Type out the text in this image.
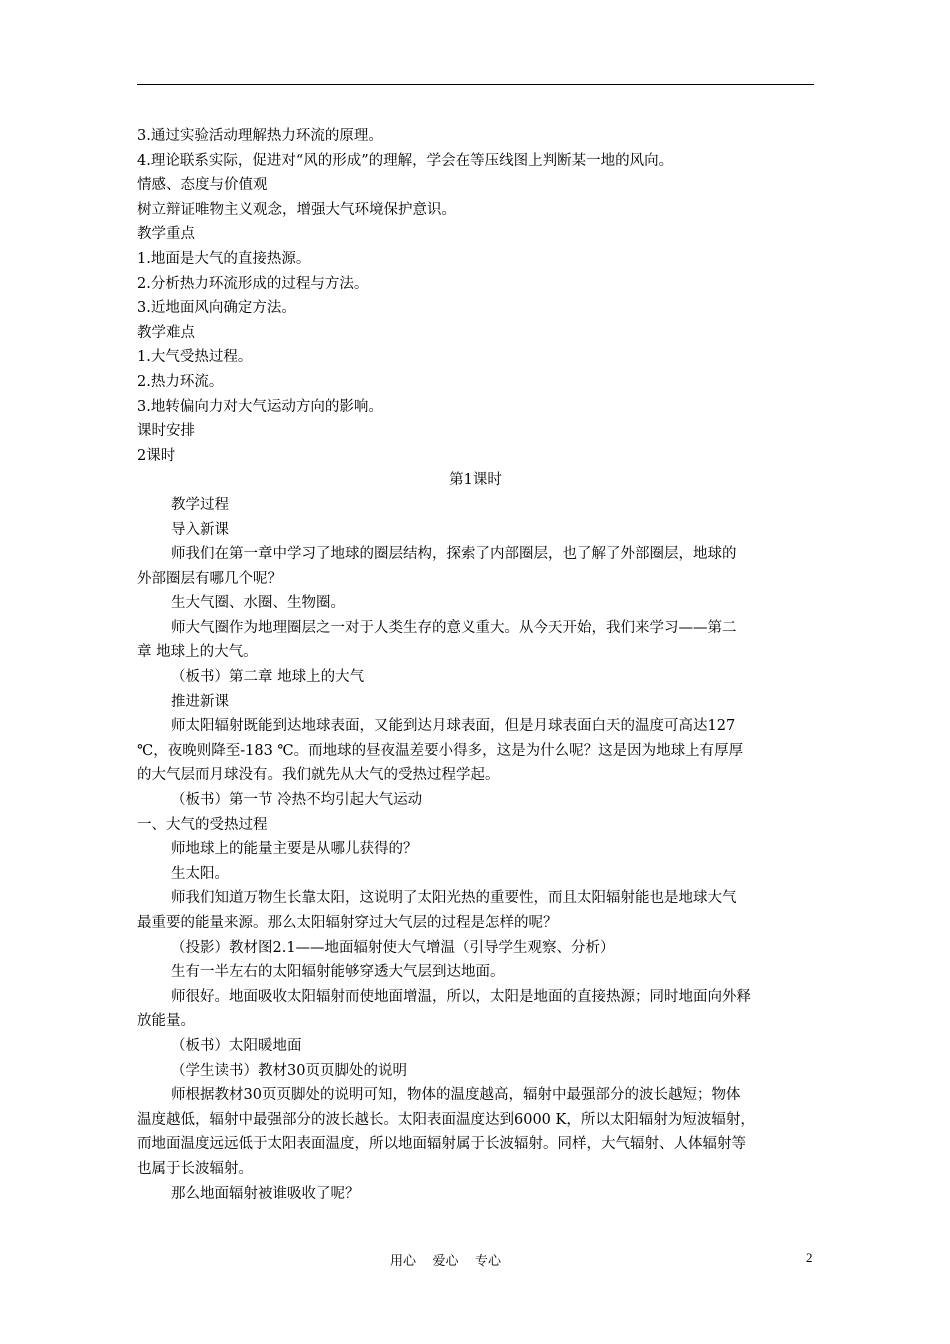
3.通过实验活动理解热力环流的原理。
4.理论联系实际，促进对“风的形成”的理解，学会在等压线图上判断某一地的风向。
情感、态度与价值观
树立辩证唯物主义观念，增强大气环境保护意识。
教学重点
1.地面是大气的直接热源。
2.分析热力环流形成的过程与方法。
3.近地面风向确定方法。
教学难点
1.大气受热过程。
2.热力环流。
3.地转偏向力对大气运动方向的影响。
课时安排
2课时
第1课时
教学过程
导入新课
师我们在第一章中学习了地球的圈层结构，探索了内部圈层，也了解了外部圈层，地球的
外部圈层有哪几个呢？
生大气圈、水圈、生物圈。
师大气圈作为地理圈层之一对于人类生存的意义重大。从今天开始，我们来学习——第二
章 地球上的大气。
（板书）第二章 地球上的大气
推进新课
师太阳辐射既能到达地球表面，又能到达月球表面，但是月球表面白天的温度可高达127
℃，夜晚则降至-183 ℃。而地球的昼夜温差要小得多，这是为什么呢？这是因为地球上有厚厚
的大气层而月球没有。我们就先从大气的受热过程学起。
（板书）第一节 冷热不均引起大气运动
一、大气的受热过程
师地球上的能量主要是从哪儿获得的？
生太阳。
师我们知道万物生长靠太阳，这说明了太阳光热的重要性，而且太阳辐射能也是地球大气
最重要的能量来源。那么太阳辐射穿过大气层的过程是怎样的呢？
（投影）教材图2.1——地面辐射使大气增温（引导学生观察、分析）
生有一半左右的太阳辐射能够穿透大气层到达地面。
师很好。地面吸收太阳辐射而使地面增温，所以，太阳是地面的直接热源；同时地面向外释
放能量。
（板书）太阳暖地面
（学生读书）教材30页页脚处的说明
师根据教材30页页脚处的说明可知，物体的温度越高，辐射中最强部分的波长越短；物体
温度越低，辐射中最强部分的波长越长。太阳表面温度达到6000 K，所以太阳辐射为短波辐射，
而地面温度远远低于太阳表面温度，所以地面辐射属于长波辐射。同样，大气辐射、人体辐射等
也属于长波辐射。
那么地面辐射被谁吸收了呢？
用心    爱心    专心	2
